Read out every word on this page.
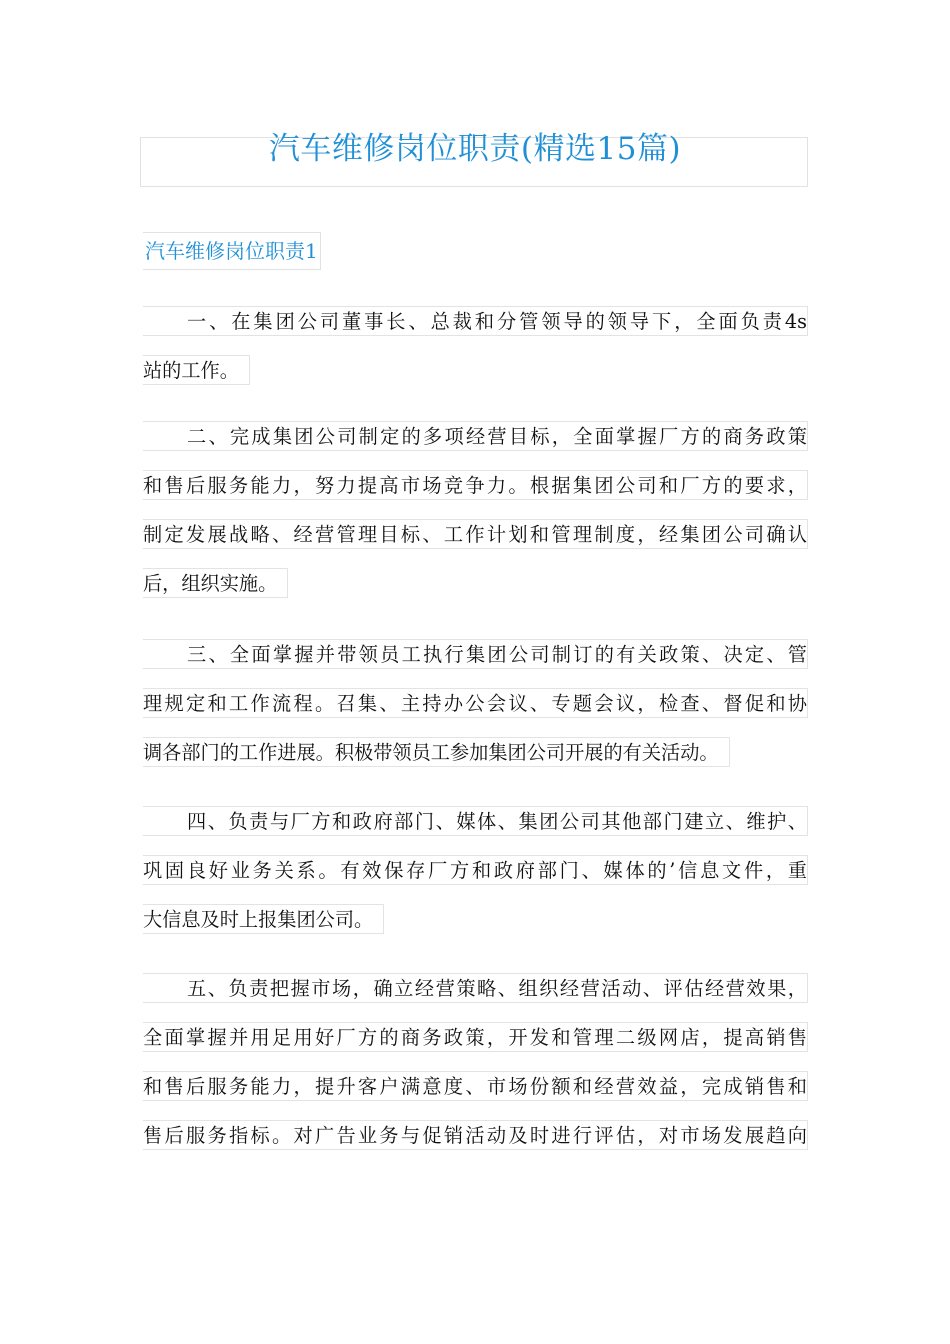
汽车维修岗位职责(精选15篇)
汽车维修岗位职责1
一、在集团公司董事长、总裁和分管领导的领导下，全面负责4s
站的工作。
二、完成集团公司制定的多项经营目标，全面掌握厂方的商务政策
和售后服务能力，努力提高市场竞争力。根据集团公司和厂方的要求，
制定发展战略、经营管理目标、工作计划和管理制度，经集团公司确认
后，组织实施。
三、全面掌握并带领员工执行集团公司制订的有关政策、决定、管
理规定和工作流程。召集、主持办公会议、专题会议，检查、督促和协
调各部门的工作进展。积极带领员工参加集团公司开展的有关活动。
四、负责与厂方和政府部门、媒体、集团公司其他部门建立、维护、
巩固良好业务关系。有效保存厂方和政府部门、媒体的’信息文件，重
大信息及时上报集团公司。
五、负责把握市场，确立经营策略、组织经营活动、评估经营效果，
全面掌握并用足用好厂方的商务政策，开发和管理二级网店，提高销售
和售后服务能力，提升客户满意度、市场份额和经营效益，完成销售和
售后服务指标。对广告业务与促销活动及时进行评估，对市场发展趋向
